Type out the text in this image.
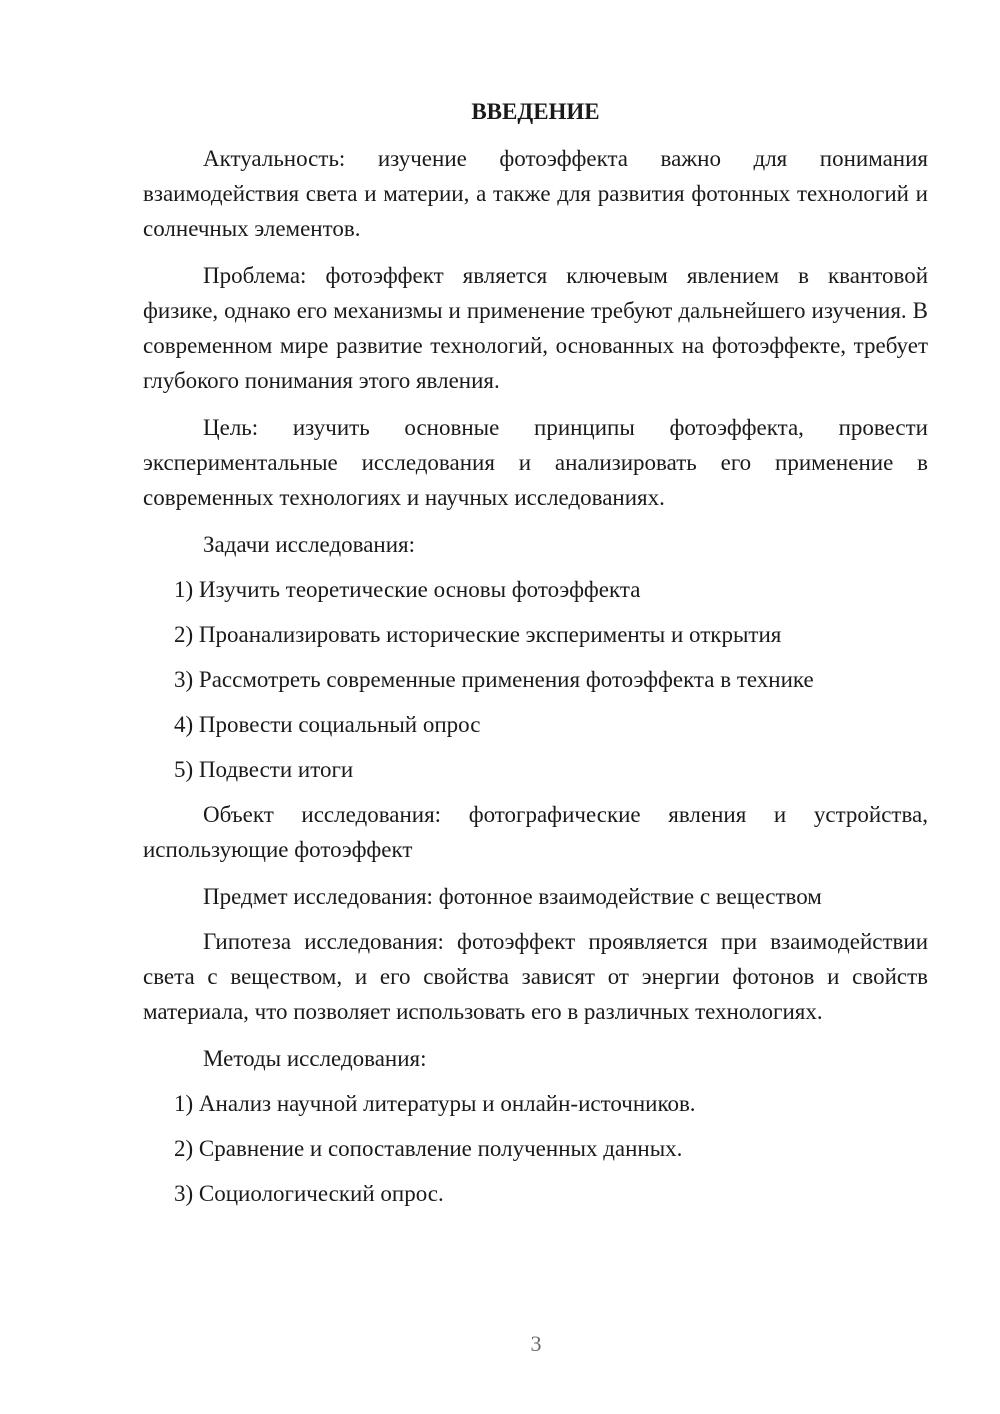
ВВЕДЕНИЕ

Актуальность: изучение фотоэффекта важно для понимания взаимодействия света и материи, а также для развития фотонных технологий и солнечных элементов.

Проблема: фотоэффект является ключевым явлением в квантовой физике, однако его механизмы и применение требуют дальнейшего изучения. В современном мире развитие технологий, основанных на фотоэффекте, требует глубокого понимания этого явления.

Цель: изучить основные принципы фотоэффекта, провести экспериментальные исследования и анализировать его применение в современных технологиях и научных исследованиях.

Задачи исследования:

1) Изучить теоретические основы фотоэффекта

2) Проанализировать исторические эксперименты и открытия

3) Рассмотреть современные применения фотоэффекта в технике

4) Провести социальный опрос

5) Подвести итоги

Объект исследования: фотографические явления и устройства, использующие фотоэффект

Предмет исследования: фотонное взаимодействие с веществом

Гипотеза исследования: фотоэффект проявляется при взаимодействии света с веществом, и его свойства зависят от энергии фотонов и свойств материала, что позволяет использовать его в различных технологиях.

Методы исследования:

1) Анализ научной литературы и онлайн-источников.

2) Сравнение и сопоставление полученных данных.

3) Социологический опрос.

3
